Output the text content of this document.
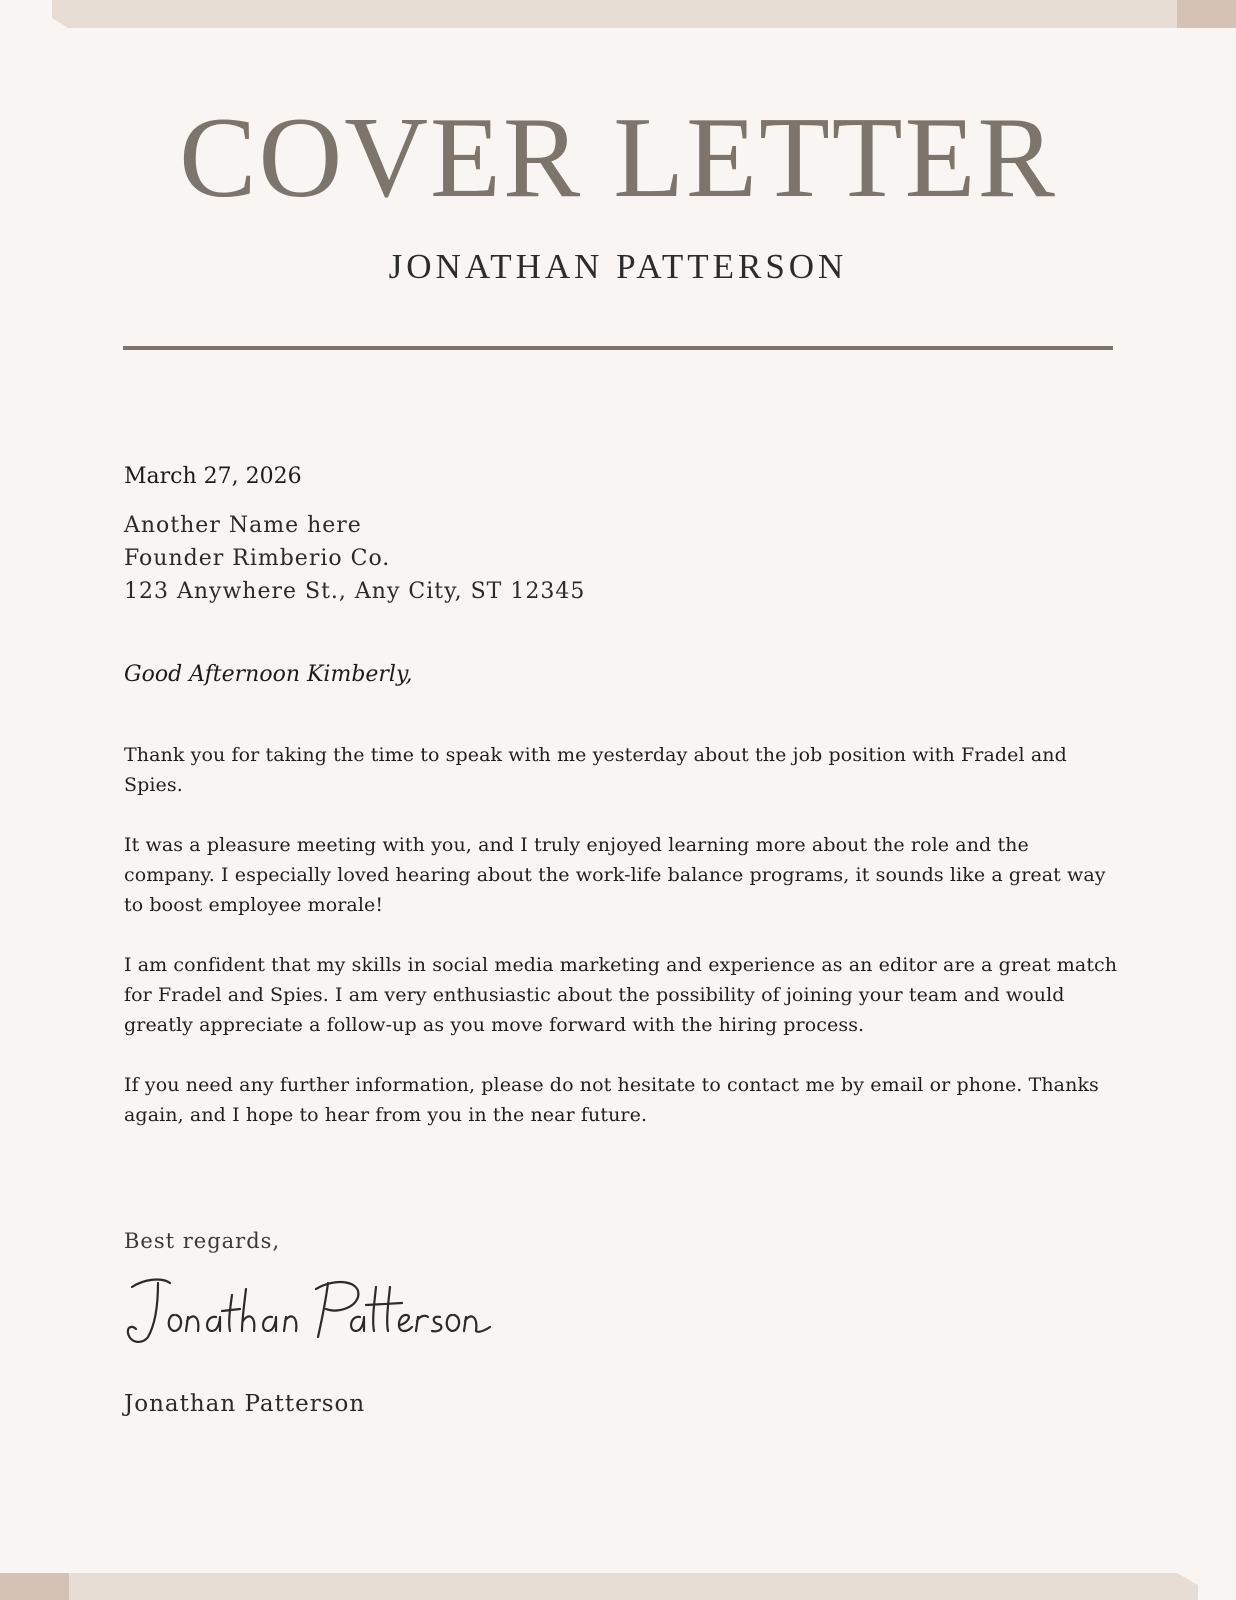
COVER LETTER
JONATHAN PATTERSON
March 27, 2026
Another Name here
Founder Rimberio Co.
123 Anywhere St., Any City, ST 12345
Good Afternoon Kimberly,

Thank you for taking the time to speak with me yesterday about the job position with Fradel and Spies.

It was a pleasure meeting with you, and I truly enjoyed learning more about the role and the company. I especially loved hearing about the work-life balance programs, it sounds like a great way to boost employee morale!

I am confident that my skills in social media marketing and experience as an editor are a great match for Fradel and Spies. I am very enthusiastic about the possibility of joining your team and would greatly appreciate a follow-up as you move forward with the hiring process.

If you need any further information, please do not hesitate to contact me by email or phone. Thanks again, and I hope to hear from you in the near future.

Best regards,
Jonathan Patterson
